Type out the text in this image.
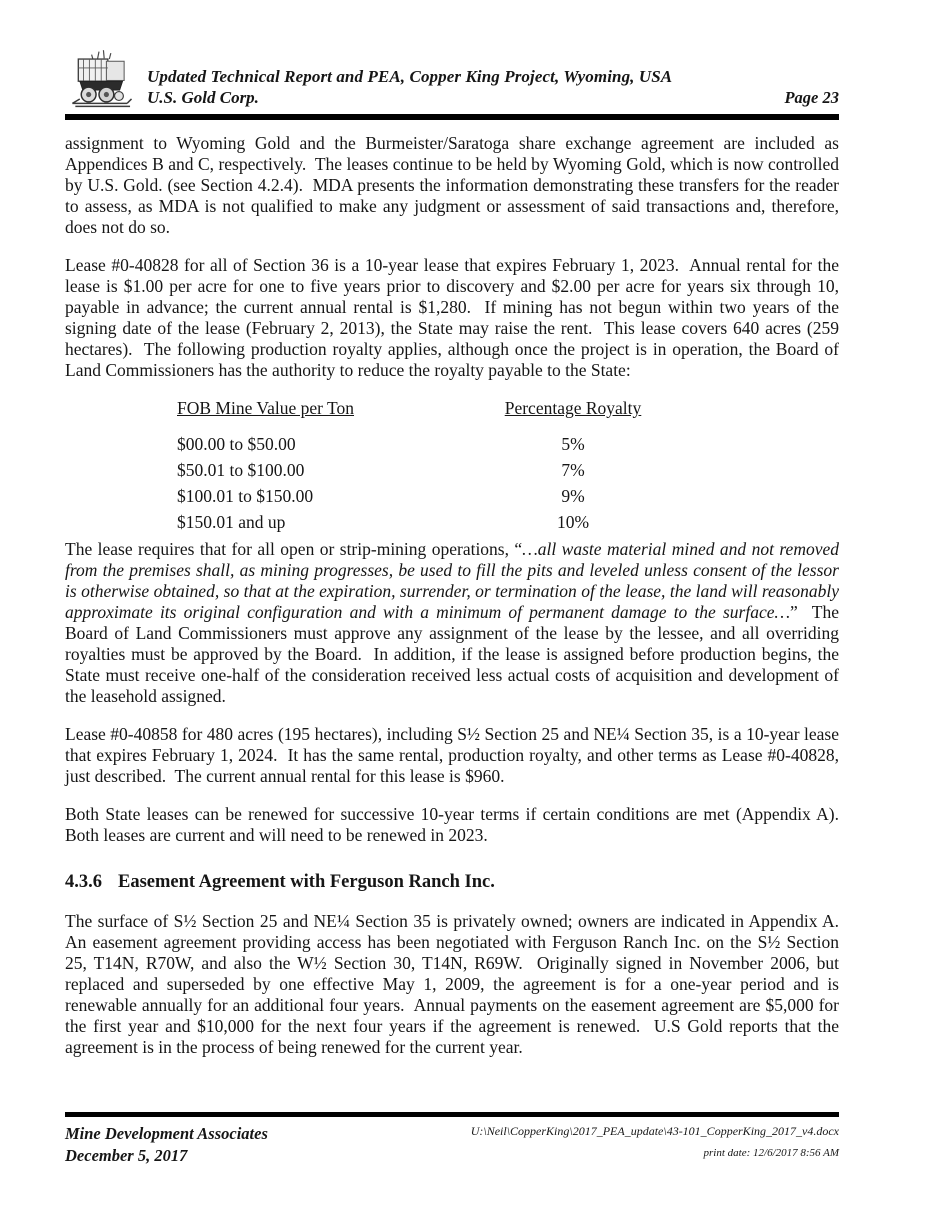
Updated Technical Report and PEA, Copper King Project, Wyoming, USA
U.S. Gold Corp.	Page 23

assignment to Wyoming Gold and the Burmeister/Saratoga share exchange agreement are included as Appendices B and C, respectively.  The leases continue to be held by Wyoming Gold, which is now controlled by U.S. Gold. (see Section 4.2.4).  MDA presents the information demonstrating these transfers for the reader to assess, as MDA is not qualified to make any judgment or assessment of said transactions and, therefore, does not do so.

Lease #0-40828 for all of Section 36 is a 10-year lease that expires February 1, 2023.  Annual rental for the lease is $1.00 per acre for one to five years prior to discovery and $2.00 per acre for years six through 10, payable in advance; the current annual rental is $1,280.  If mining has not begun within two years of the signing date of the lease (February 2, 2013), the State may raise the rent.  This lease covers 640 acres (259 hectares).  The following production royalty applies, although once the project is in operation, the Board of Land Commissioners has the authority to reduce the royalty payable to the State:

FOB Mine Value per Ton	Percentage Royalty
$00.00 to $50.00	5%
$50.01 to $100.00	7%
$100.01 to $150.00	9%
$150.01 and up	10%

The lease requires that for all open or strip-mining operations, “…all waste material mined and not removed from the premises shall, as mining progresses, be used to fill the pits and leveled unless consent of the lessor is otherwise obtained, so that at the expiration, surrender, or termination of the lease, the land will reasonably approximate its original configuration and with a minimum of permanent damage to the surface…”  The Board of Land Commissioners must approve any assignment of the lease by the lessee, and all overriding royalties must be approved by the Board.  In addition, if the lease is assigned before production begins, the State must receive one-half of the consideration received less actual costs of acquisition and development of the leasehold assigned.

Lease #0-40858 for 480 acres (195 hectares), including S½ Section 25 and NE¼ Section 35, is a 10-year lease that expires February 1, 2024.  It has the same rental, production royalty, and other terms as Lease #0-40828, just described.  The current annual rental for this lease is $960.

Both State leases can be renewed for successive 10-year terms if certain conditions are met (Appendix A).  Both leases are current and will need to be renewed in 2023.

4.3.6 Easement Agreement with Ferguson Ranch Inc.

The surface of S½ Section 25 and NE¼ Section 35 is privately owned; owners are indicated in Appendix A.  An easement agreement providing access has been negotiated with Ferguson Ranch Inc. on the S½ Section 25, T14N, R70W, and also the W½ Section 30, T14N, R69W.  Originally signed in November 2006, but replaced and superseded by one effective May 1, 2009, the agreement is for a one-year period and is renewable annually for an additional four years.  Annual payments on the easement agreement are $5,000 for the first year and $10,000 for the next four years if the agreement is renewed.  U.S Gold reports that the agreement is in the process of being renewed for the current year.

Mine Development Associates
December 5, 2017
U:\Neil\CopperKing\2017_PEA_update\43-101_CopperKing_2017_v4.docx
print date: 12/6/2017 8:56 AM
